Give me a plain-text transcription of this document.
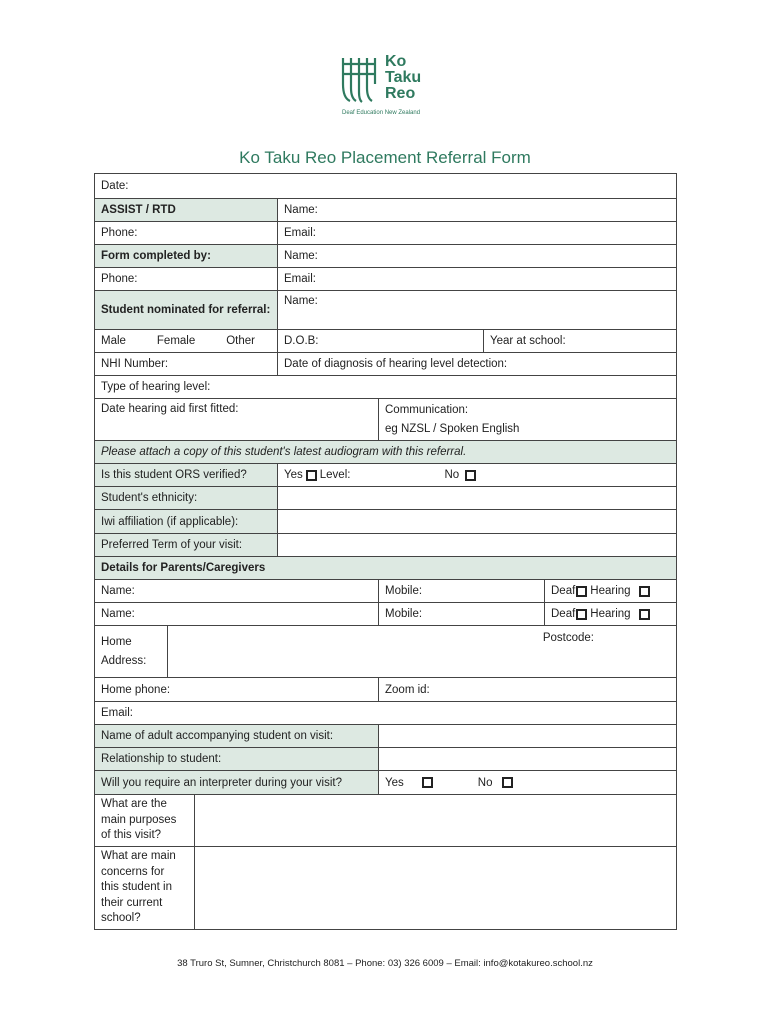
Ko
Taku
Reo
Deaf Education New Zealand
Ko Taku Reo Placement Referral Form
Date:
ASSIST / RTD	Name:
Phone:	Email:
Form completed by:	Name:
Phone:	Email:
Student nominated for referral:
Name:
Male	Female	Other	D.O.B:	Year at school:
NHI Number:	Date of diagnosis of hearing level detection:
Type of hearing level:
Date hearing aid first fitted:	Communication:
eg NZSL / Spoken English
Please attach a copy of this student's latest audiogram with this referral.
Is this student ORS verified?	Yes Level:	No
Student's ethnicity:
Iwi affiliation (if applicable):
Preferred Term of your visit:
Details for Parents/Caregivers
Name:	Mobile:	Deaf Hearing
Name:	Mobile:	Deaf Hearing
Home
Address:
Postcode:
Home phone:	Zoom id:
Email:
Name of adult accompanying student on visit:
Relationship to student:
Will you require an interpreter during your visit?	Yes	No
What are the
main purposes
of this visit?
What are main
concerns for
this student in
their current
school?
38 Truro St, Sumner, Christchurch 8081 – Phone: 03) 326 6009 – Email: info@kotakureo.school.nz
